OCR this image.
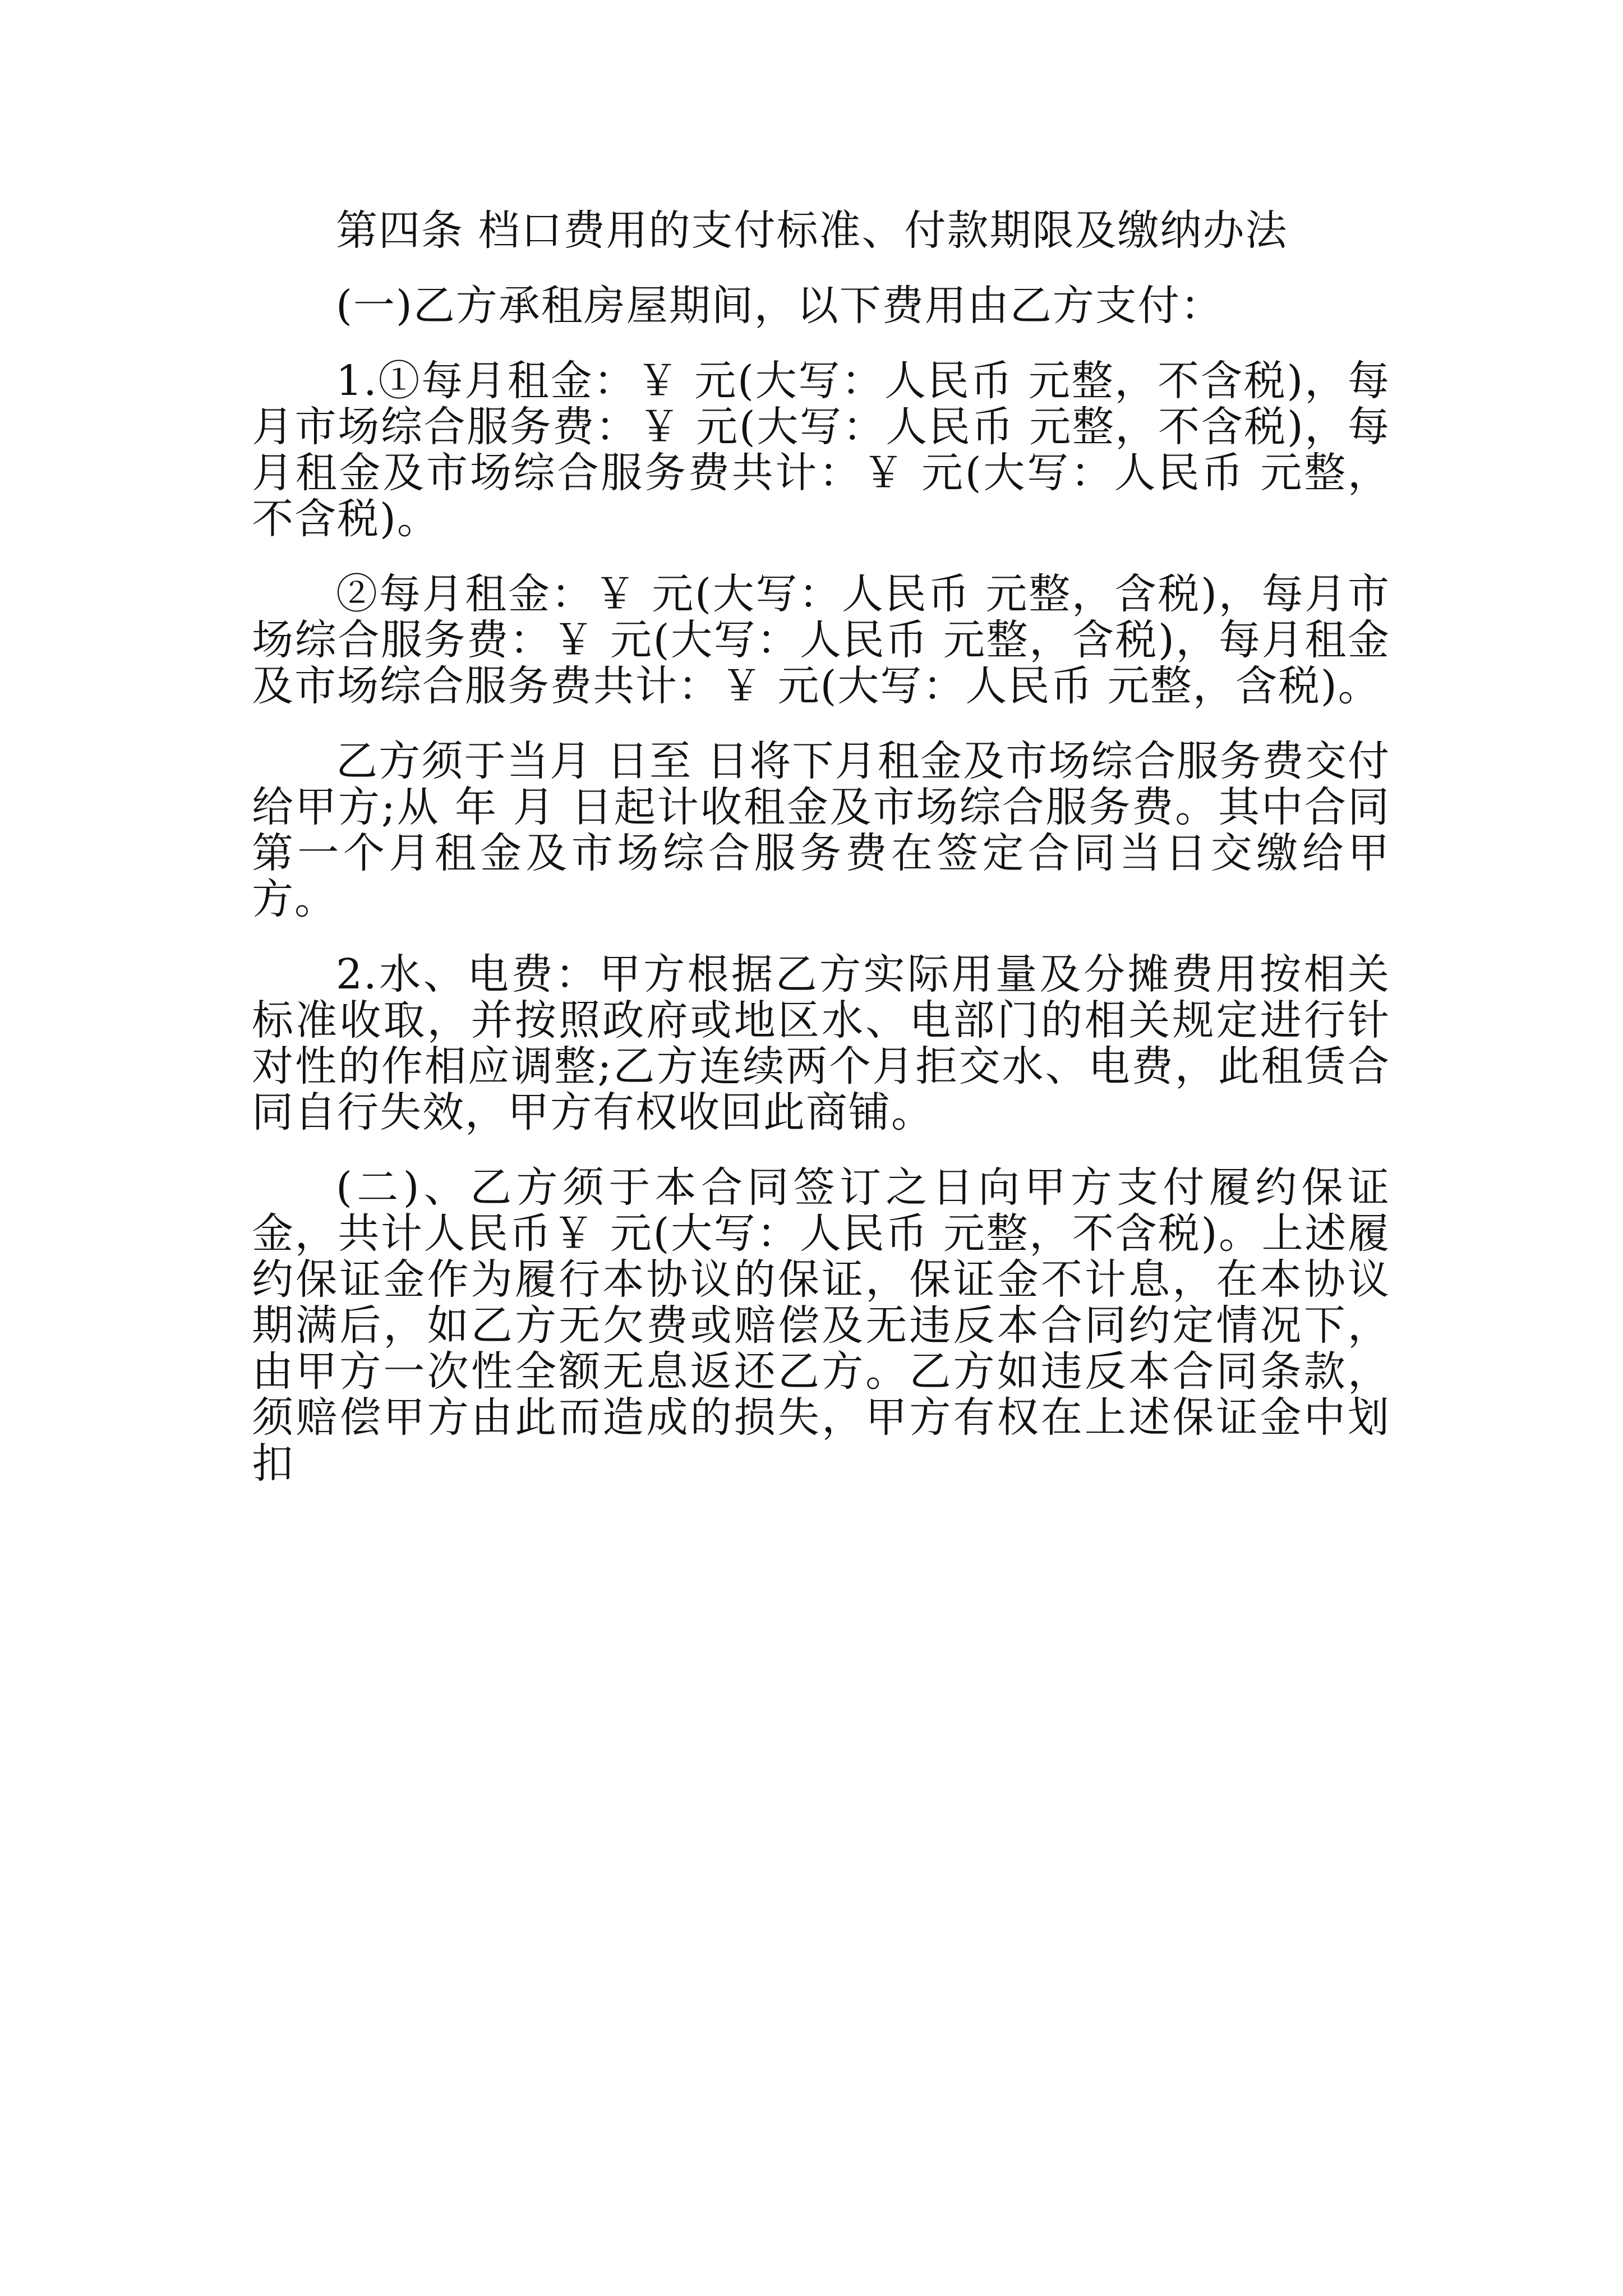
第四条 档口费用的支付标准、付款期限及缴纳办法
(一)乙方承租房屋期间，以下费用由乙方支付：
1.①每月租金：￥ 元(大写：人民币 元整，不含税)，每月市场综合服务费：￥ 元(大写：人民币 元整，不含税)，每月租金及市场综合服务费共计：￥ 元(大写：人民币 元整，不含税)。
②每月租金：￥ 元(大写：人民币 元整，含税)，每月市场综合服务费：￥ 元(大写：人民币 元整，含税)，每月租金及市场综合服务费共计：￥ 元(大写：人民币 元整，含税)。
乙方须于当月 日至 日将下月租金及市场综合服务费交付给甲方;从 年 月 日起计收租金及市场综合服务费。其中合同第一个月租金及市场综合服务费在签定合同当日交缴给甲方。
2.水、电费：甲方根据乙方实际用量及分摊费用按相关标准收取，并按照政府或地区水、电部门的相关规定进行针对性的作相应调整;乙方连续两个月拒交水、电费，此租赁合同自行失效，甲方有权收回此商铺。
(二)、乙方须于本合同签订之日向甲方支付履约保证金，共计人民币￥ 元(大写：人民币 元整，不含税)。上述履约保证金作为履行本协议的保证，保证金不计息，在本协议期满后，如乙方无欠费或赔偿及无违反本合同约定情况下，由甲方一次性全额无息返还乙方。乙方如违反本合同条款，须赔偿甲方由此而造成的损失，甲方有权在上述保证金中划扣
